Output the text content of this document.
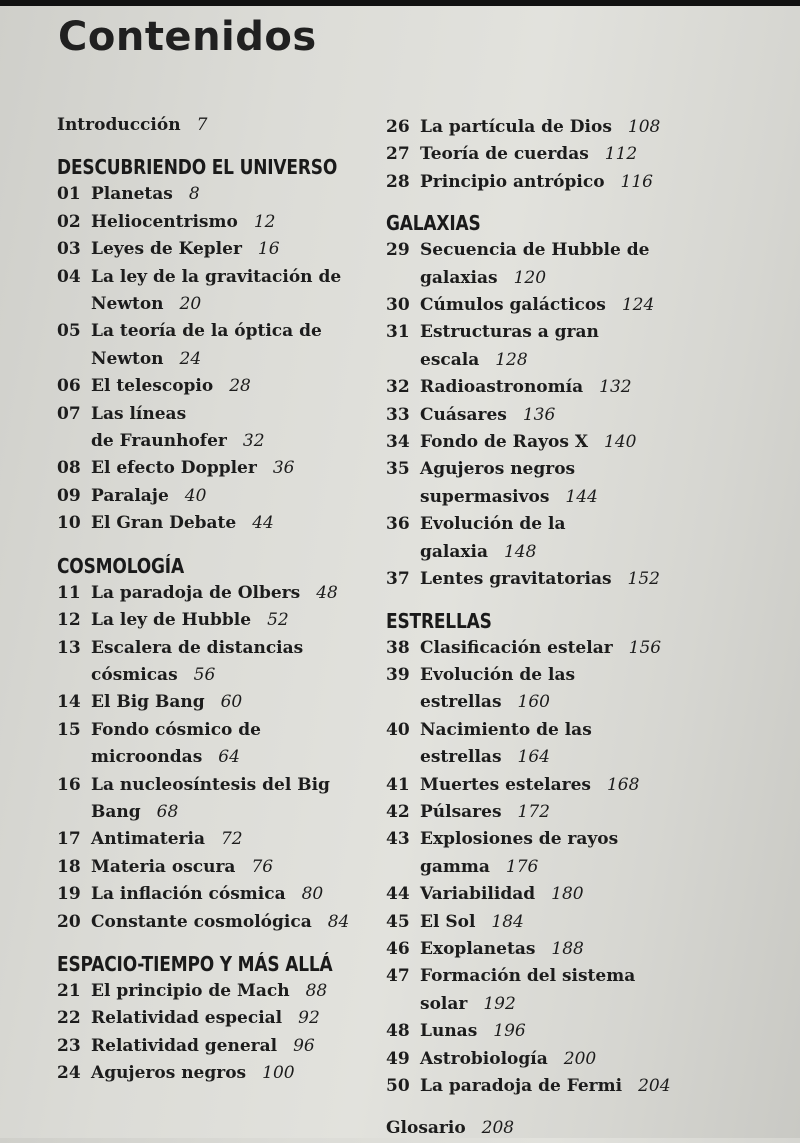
Contenidos
Introducción 7
DESCUBRIENDO EL UNIVERSO
01 Planetas 8
02 Heliocentrismo 12
03 Leyes de Kepler 16
04 La ley de la gravitación de
Newton 20
05 La teoría de la óptica de
Newton 24
06 El telescopio 28
07 Las líneas
de Fraunhofer 32
08 El efecto Doppler 36
09 Paralaje 40
10 El Gran Debate 44
COSMOLOGÍA
11 La paradoja de Olbers 48
12 La ley de Hubble 52
13 Escalera de distancias
cósmicas 56
14 El Big Bang 60
15 Fondo cósmico de
microondas 64
16 La nucleosíntesis del Big
Bang 68
17 Antimateria 72
18 Materia oscura 76
19 La inflación cósmica 80
20 Constante cosmológica 84
ESPACIO-TIEMPO Y MÁS ALLÁ
21 El principio de Mach 88
22 Relatividad especial 92
23 Relatividad general 96
24 Agujeros negros 100
26 La partícula de Dios 108
27 Teoría de cuerdas 112
28 Principio antrópico 116
GALAXIAS
29 Secuencia de Hubble de
galaxias 120
30 Cúmulos galácticos 124
31 Estructuras a gran
escala 128
32 Radioastronomía 132
33 Cuásares 136
34 Fondo de Rayos X 140
35 Agujeros negros
supermasivos 144
36 Evolución de la galaxia 148
37 Lentes gravitatorias 152
ESTRELLAS
38 Clasificación estelar 156
39 Evolución de las
estrellas 160
40 Nacimiento de las
estrellas 164
41 Muertes estelares 168
42 Púlsares 172
43 Explosiones de rayos
gamma 176
44 Variabilidad 180
45 El Sol 184
46 Exoplanetas 188
47 Formación del sistema
solar 192
48 Lunas 196
49 Astrobiología 200
50 La paradoja de Fermi 204
Glosario 208
